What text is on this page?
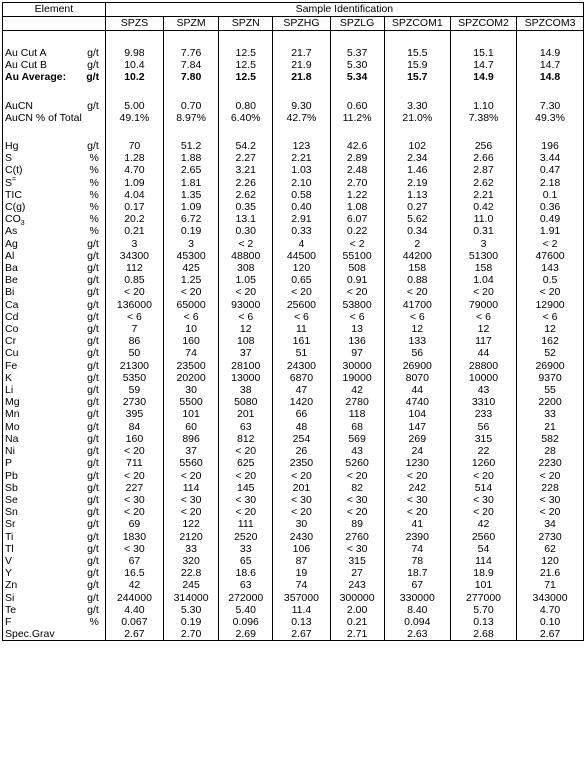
Element		Sample Identification							
		SPZS	SPZM	SPZN	SPZHG	SPZLG	SPZCOM1	SPZCOM2	SPZCOM3

Au Cut A	g/t	9.98	7.76	12.5	21.7	5.37	15.5	15.1	14.9
Au Cut B	g/t	10.4	7.84	12.5	21.9	5.30	15.9	14.7	14.7
Au Average:	g/t	10.2	7.80	12.5	21.8	5.34	15.7	14.9	14.8

AuCN	g/t	5.00	0.70	0.80	9.30	0.60	3.30	1.10	7.30
AuCN % of Total		49.1%	8.97%	6.40%	42.7%	11.2%	21.0%	7.38%	49.3%

Hg	g/t	70	51.2	54.2	123	42.6	102	256	196
S	%	1.28	1.88	2.27	2.21	2.89	2.34	2.66	3.44
C(t)	%	4.70	2.65	3.21	1.03	2.48	1.46	2.87	0.47
S=	%	1.09	1.81	2.26	2.10	2.70	2.19	2.62	2.18
TIC	%	4.04	1.35	2.62	0.58	1.22	1.13	2.21	0.1
C(g)	%	0.17	1.09	0.35	0.40	1.08	0.27	0.42	0.36
$CO_3$	%	20.2	6.72	13.1	2.91	6.07	5.62	11.0	0.49
As	%	0.21	0.19	0.30	0.33	0.22	0.34	0.31	1.91
Ag	g/t	3	3	< 2	4	< 2	2	3	< 2
Al	g/t	34300	45300	48800	44500	55100	44200	51300	47600
Ba	g/t	112	425	308	120	508	158	158	143
Be	g/t	0.85	1.25	1.05	0.65	0.91	0.88	1.04	0.5
Bi	g/t	< 20	< 20	< 20	< 20	< 20	< 20	< 20	< 20
Ca	g/t	136000	65000	93000	25600	53800	41700	79000	12900
Cd	g/t	< 6	< 6	< 6	< 6	< 6	< 6	< 6	< 6
Co	g/t	7	10	12	11	13	12	12	12
Cr	g/t	86	160	108	161	136	133	117	162
Cu	g/t	50	74	37	51	97	56	44	52
Fe	g/t	21300	23500	28100	24300	30000	26900	28800	26900
K	g/t	5350	20200	13000	6870	19000	8070	10000	9370
Li	g/t	59	30	38	47	42	44	43	55
Mg	g/t	2730	5500	5080	1420	2780	4740	3310	2200
Mn	g/t	395	101	201	66	118	104	233	33
Mo	g/t	84	60	63	48	68	147	56	21
Na	g/t	160	896	812	254	569	269	315	582
Ni	g/t	< 20	37	< 20	26	43	24	22	28
P	g/t	711	5560	625	2350	5260	1230	1260	2230
Pb	g/t	< 20	< 20	< 20	< 20	< 20	< 20	< 20	< 20
Sb	g/t	227	114	145	201	82	242	514	228
Se	g/t	< 30	< 30	< 30	< 30	< 30	< 30	< 30	< 30
Sn	g/t	< 20	< 20	< 20	< 20	< 20	< 20	< 20	< 20
Sr	g/t	69	122	111	30	89	41	42	34
Ti	g/t	1830	2120	2520	2430	2760	2390	2560	2730
Tl	g/t	< 30	33	33	106	< 30	74	54	62
V	g/t	67	320	65	87	315	78	114	120
Y	g/t	16.5	22.8	18.6	19	27	18.7	18.9	21.6
Zn	g/t	42	245	63	74	243	67	101	71
Si	g/t	244000	314000	272000	357000	300000	330000	277000	343000
Te	g/t	4.40	5.30	5.40	11.4	2.00	8.40	5.70	4.70
F	%	0.067	0.19	0.096	0.13	0.21	0.094	0.13	0.10
Spec.Grav		2.67	2.70	2.69	2.67	2.71	2.63	2.68	2.67
